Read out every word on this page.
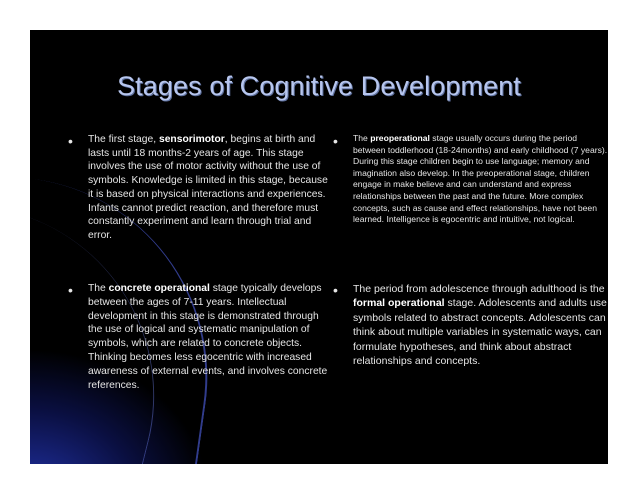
Stages of Cognitive Development
• The first stage, sensorimotor, begins at birth and lasts until 18 months-2 years of age. This stage involves the use of motor activity without the use of symbols. Knowledge is limited in this stage, because it is based on physical interactions and experiences. Infants cannot predict reaction, and therefore must constantly experiment and learn through trial and error.

• The preoperational stage usually occurs during the period between toddlerhood (18-24months) and early childhood (7 years). During this stage children begin to use language; memory and imagination also develop. In the preoperational stage, children engage in make believe and can understand and express relationships between the past and the future. More complex concepts, such as cause and effect relationships, have not been learned. Intelligence is egocentric and intuitive, not logical.

• The concrete operational stage typically develops between the ages of 7-11 years. Intellectual development in this stage is demonstrated through the use of logical and systematic manipulation of symbols, which are related to concrete objects. Thinking becomes less egocentric with increased awareness of external events, and involves concrete references.

• The period from adolescence through adulthood is the formal operational stage. Adolescents and adults use symbols related to abstract concepts. Adolescents can think about multiple variables in systematic ways, can formulate hypotheses, and think about abstract relationships and concepts.
